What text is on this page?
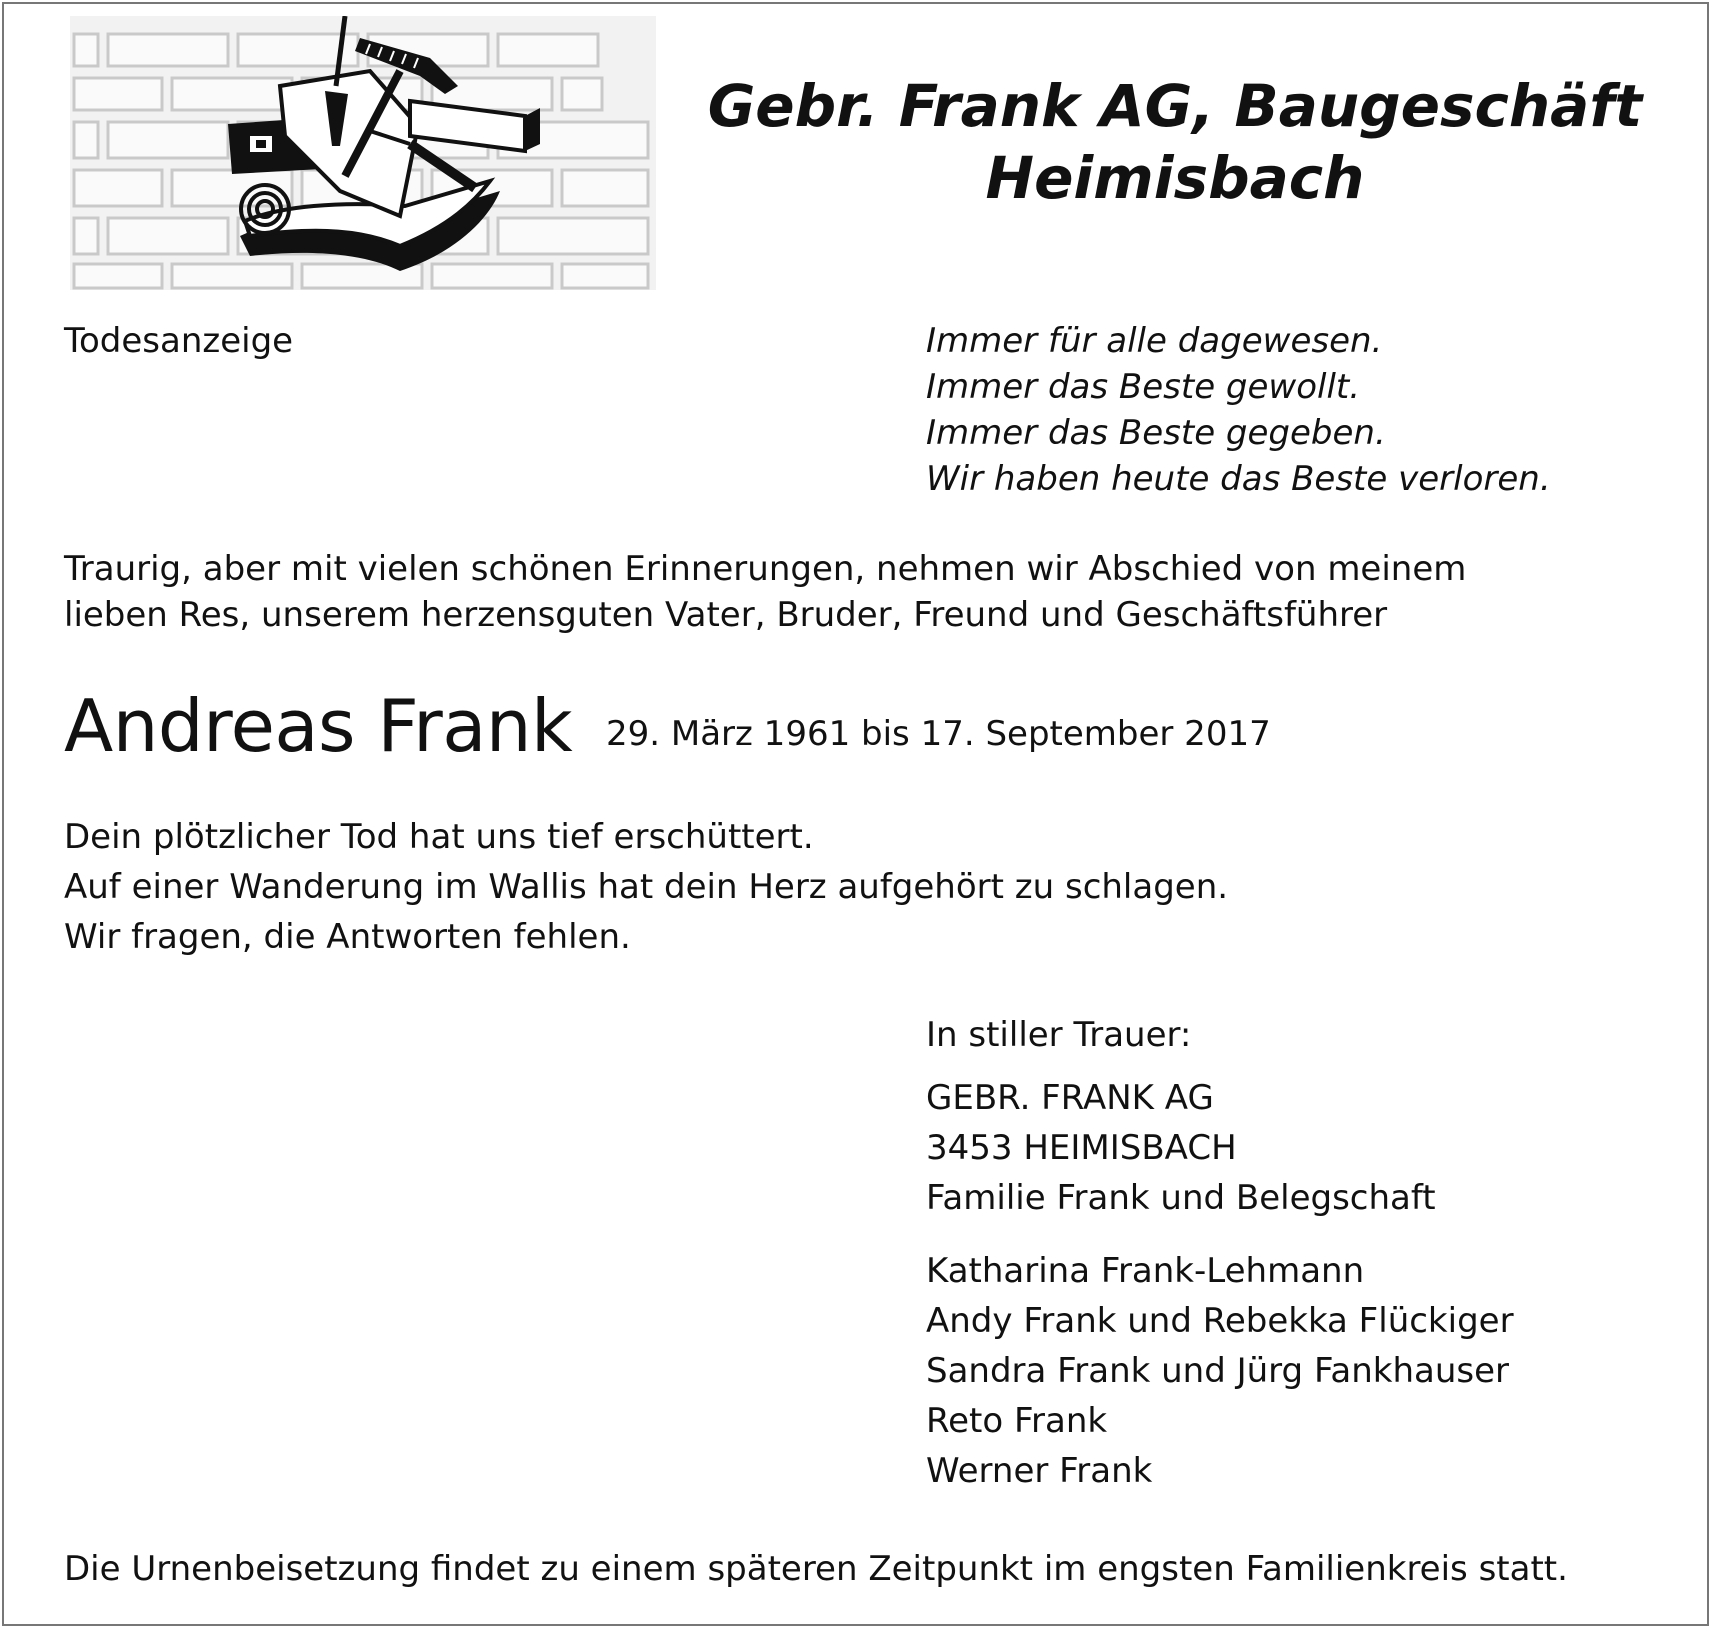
Gebr. Frank AG, Baugeschäft
Heimisbach
Todesanzeige	Immer für alle dagewesen.
Immer das Beste gewollt.
Immer das Beste gegeben.
Wir haben heute das Beste verloren.
Traurig, aber mit vielen schönen Erinnerungen, nehmen wir Abschied von meinem
lieben Res, unserem herzensguten Vater, Bruder, Freund und Geschäftsführer
Andreas Frank 29. März 1961 bis 17. September 2017
Dein plötzlicher Tod hat uns tief erschüttert.
Auf einer Wanderung im Wallis hat dein Herz aufgehört zu schlagen.
Wir fragen, die Antworten fehlen.
In stiller Trauer:
GEBR. FRANK AG
3453 HEIMISBACH
Familie Frank und Belegschaft
Katharina Frank-Lehmann
Andy Frank und Rebekka Flückiger
Sandra Frank und Jürg Fankhauser
Reto Frank
Werner Frank
Die Urnenbeisetzung findet zu einem späteren Zeitpunkt im engsten Familienkreis statt.
